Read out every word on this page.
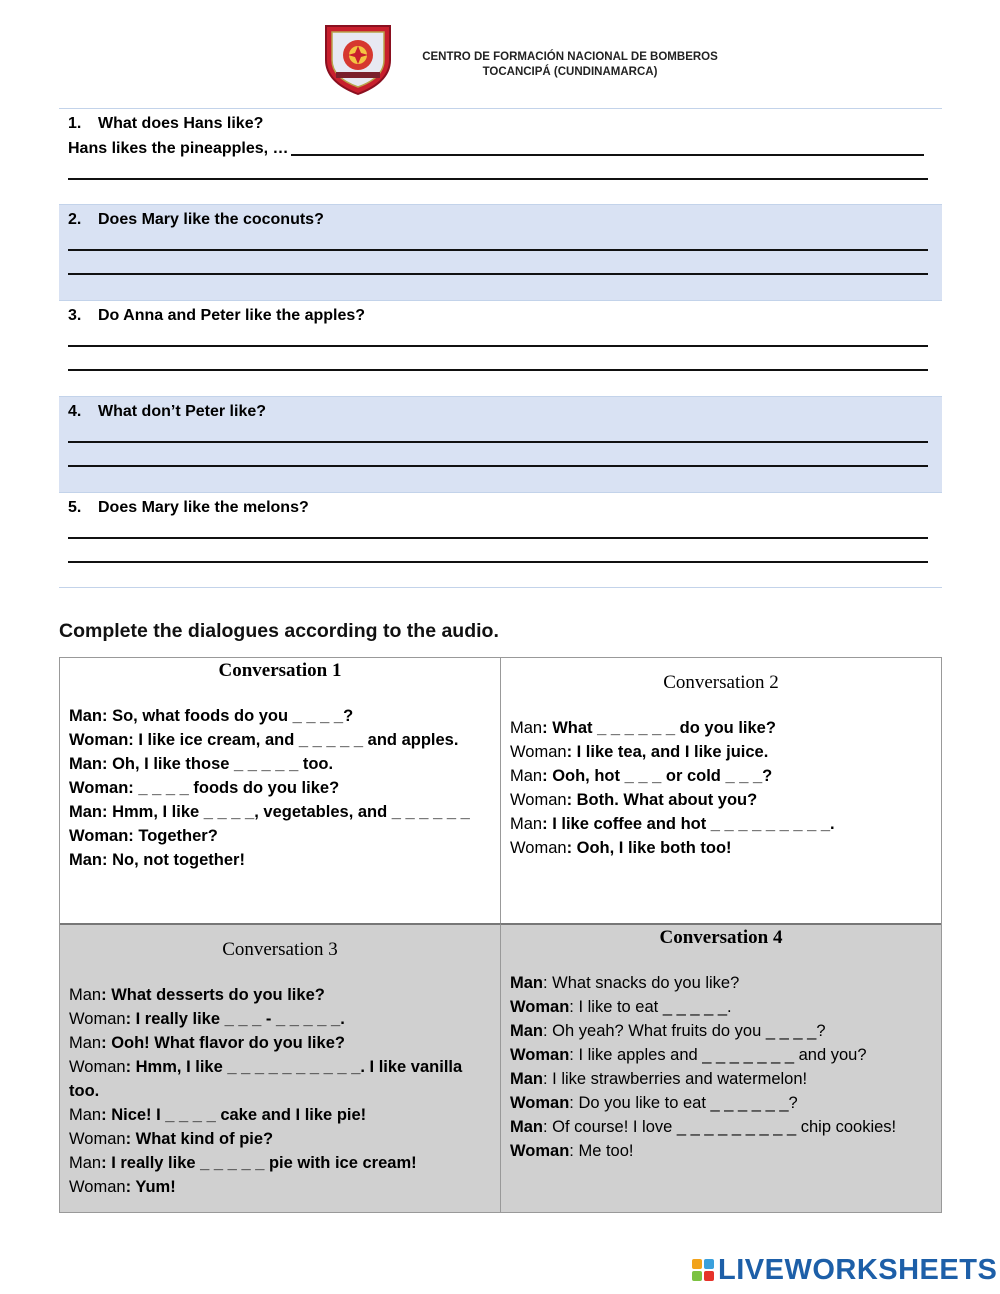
CENTRO DE FORMACIÓN NACIONAL DE BOMBEROS
TOCANCIPÁ (CUNDINAMARCA)
1. What does Hans like?
Hans likes the pineapples, …
2. Does Mary like the coconuts?
3. Do Anna and Peter like the apples?
4. What don’t Peter like?
5. Does Mary like the melons?
Complete the dialogues according to the audio.
Conversation 1
Man: So, what foods do you _ _ _ _?
Woman: I like ice cream, and _ _ _ _ _ and apples.
Man: Oh, I like those _ _ _ _ _ too.
Woman: _ _ _ _ foods do you like?
Man: Hmm, I like _ _ _ _, vegetables, and _ _ _ _ _ _
Woman: Together?
Man: No, not together!
Conversation 2
Man: What _ _ _ _ _ _ do you like?
Woman: I like tea, and I like juice.
Man: Ooh, hot _ _ _ or cold _ _ _?
Woman: Both. What about you?
Man: I like coffee and hot _ _ _ _ _ _ _ _ _.
Woman: Ooh, I like both too!
Conversation 3
Man: What desserts do you like?
Woman: I really like _ _ _ - _ _ _ _ _.
Man: Ooh! What flavor do you like?
Woman: Hmm, I like _ _ _ _ _ _ _ _ _ _. I like vanilla
too.
Man: Nice! I _ _ _ _ cake and I like pie!
Woman: What kind of pie?
Man: I really like _ _ _ _ _ pie with ice cream!
Woman: Yum!
Conversation 4
Man: What snacks do you like?
Woman: I like to eat _ _ _ _ _.
Man: Oh yeah? What fruits do you _ _ _ _?
Woman: I like apples and _ _ _ _ _ _ _ and you?
Man: I like strawberries and watermelon!
Woman: Do you like to eat _ _ _ _ _ _?
Man: Of course! I love _ _ _ _ _ _ _ _ _ chip cookies!
Woman: Me too!
LIVEWORKSHEETS
